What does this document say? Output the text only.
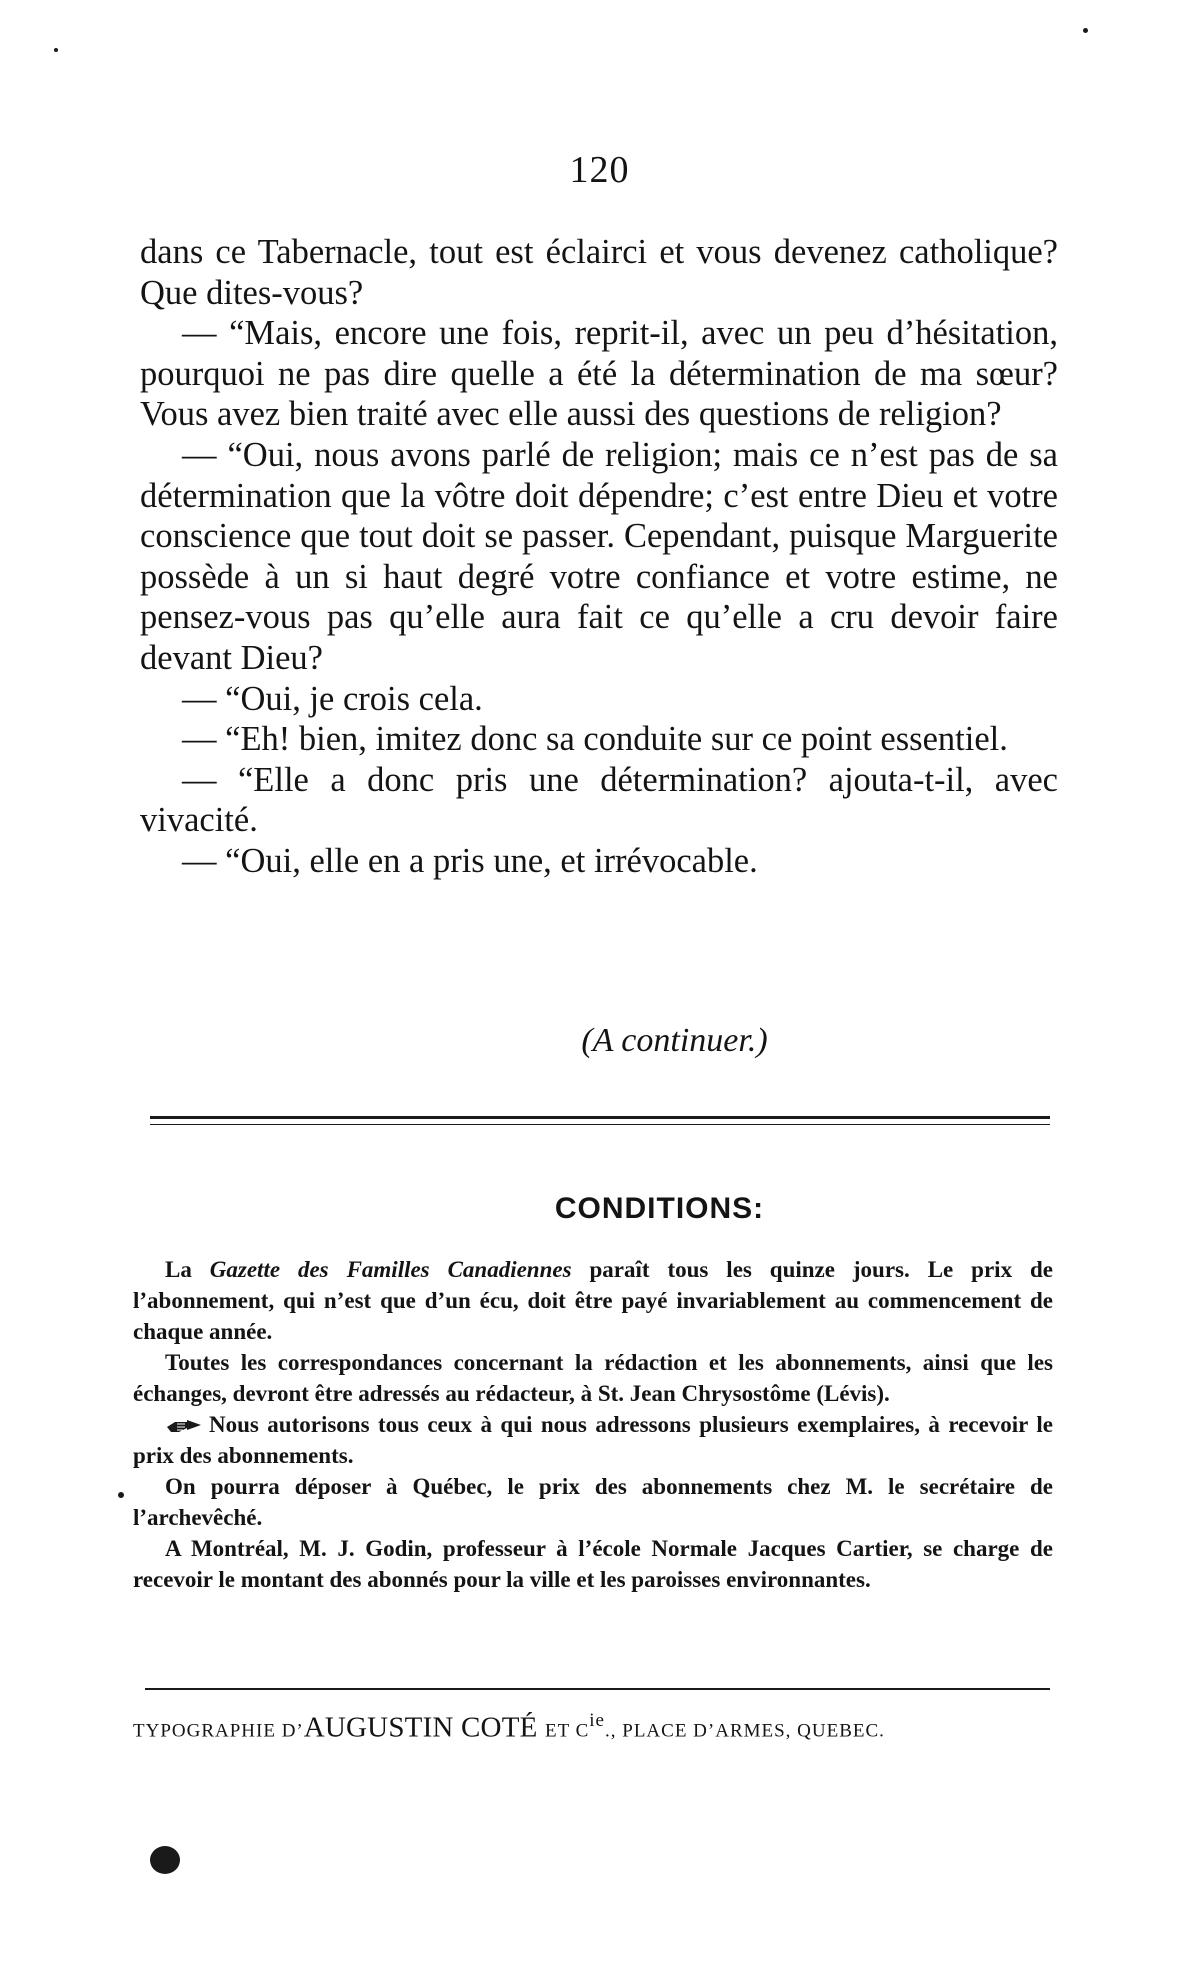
120

dans ce Tabernacle, tout est éclairci et vous devenez catholique? Que dites-vous?

— “Mais, encore une fois, reprit-il, avec un peu d’hésitation, pourquoi ne pas dire quelle a été la détermination de ma sœur? Vous avez bien traité avec elle aussi des questions de religion?

— “Oui, nous avons parlé de religion; mais ce n’est pas de sa détermination que la vôtre doit dépendre; c’est entre Dieu et votre conscience que tout doit se passer. Cependant, puisque Marguerite possède à un si haut degré votre confiance et votre estime, ne pensez-vous pas qu’elle aura fait ce qu’elle a cru devoir faire devant Dieu?

— “Oui, je crois cela.

— “Eh! bien, imitez donc sa conduite sur ce point essentiel.

— “Elle a donc pris une détermination? ajouta-t-il, avec vivacité.

— “Oui, elle en a pris une, et irrévocable.

(A continuer.)
CONDITIONS:

La Gazette des Familles Canadiennes paraît tous les quinze jours. Le prix de l’abonnement, qui n’est que d’un écu, doit être payé invariablement au commencement de chaque année.

Toutes les correspondances concernant la rédaction et les abonnements, ainsi que les échanges, devront être adressés au rédacteur, à St. Jean Chrysostôme (Lévis).

Nous autorisons tous ceux à qui nous adressons plusieurs exemplaires, à recevoir le prix des abonnements.

On pourra déposer à Québec, le prix des abonnements chez M. le secrétaire de l’archevêché.

A Montréal, M. J. Godin, professeur à l’école Normale Jacques Cartier, se charge de recevoir le montant des abonnés pour la ville et les paroisses environnantes.

TYPOGRAPHIE D’AUGUSTIN COTÉ ET $C^{ie}$., PLACE D’ARMES, QUEBEC.
